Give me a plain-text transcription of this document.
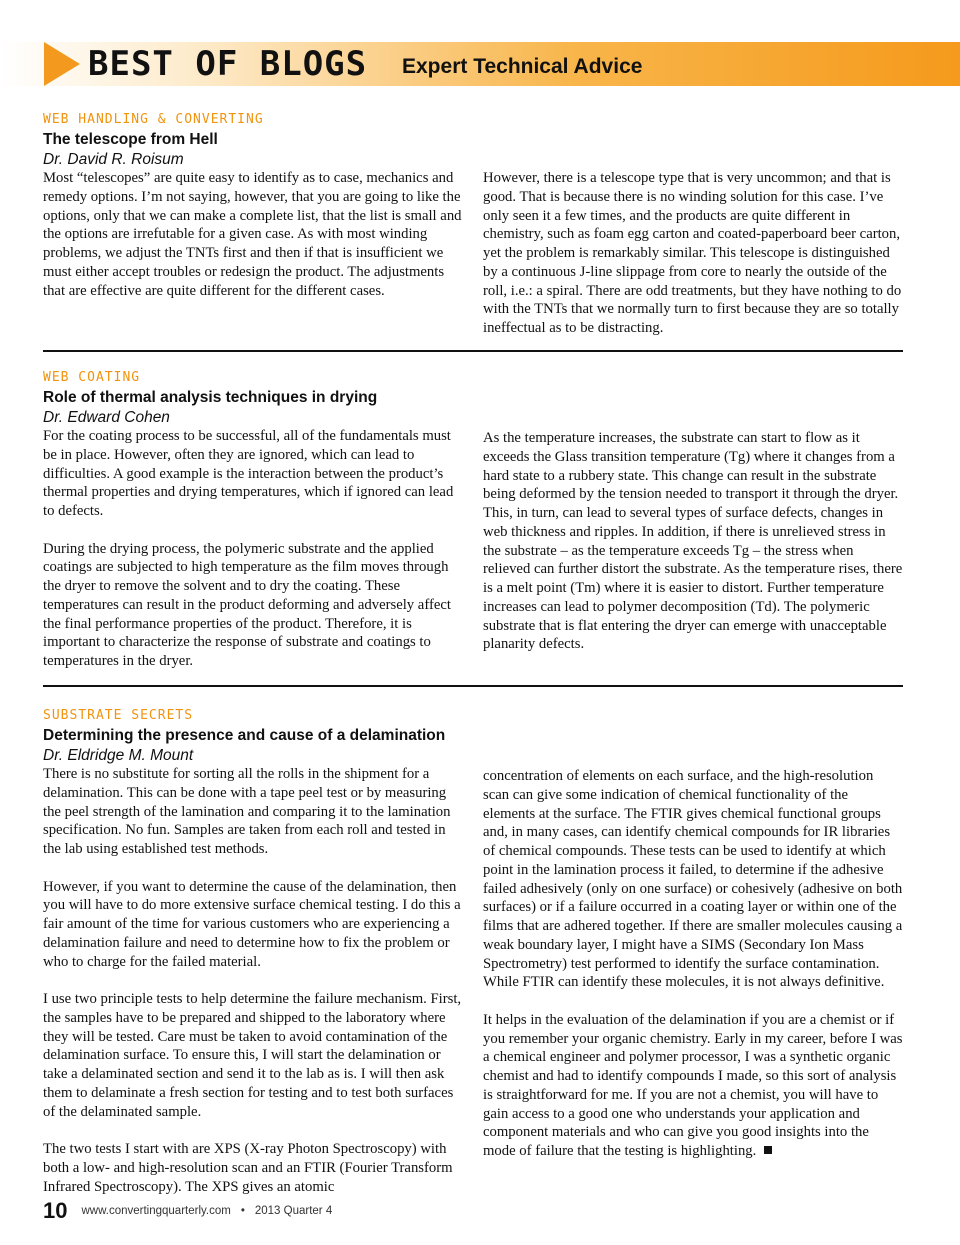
BEST OF BLOGS Expert Technical Advice
WEB HANDLING & CONVERTING
The telescope from Hell
Dr. David R. Roisum

Most “telescopes” are quite easy to identify as to case, mechanics and remedy options. I’m not saying, however, that you are going to like the options, only that we can make a complete list, that the list is small and the options are irrefutable for a given case. As with most winding problems, we adjust the TNTs first and then if that is insufficient we must either accept troubles or redesign the product. The adjustments that are effective are quite different for the different cases.

However, there is a telescope type that is very uncommon; and that is good. That is because there is no winding solution for this case. I’ve only seen it a few times, and the products are quite different in chemistry, such as foam egg carton and coated-paperboard beer carton, yet the problem is remarkably similar. This telescope is distinguished by a continuous J-line slippage from core to nearly the outside of the roll, i.e.: a spiral. There are odd treatments, but they have nothing to do with the TNTs that we normally turn to first because they are so totally ineffectual as to be distracting.

WEB COATING
Role of thermal analysis techniques in drying
Dr. Edward Cohen

For the coating process to be successful, all of the fundamentals must be in place. However, often they are ignored, which can lead to difficulties. A good example is the interaction between the product’s thermal properties and drying temperatures, which if ignored can lead to defects.

During the drying process, the polymeric substrate and the applied coatings are subjected to high temperature as the film moves through the dryer to remove the solvent and to dry the coating. These temperatures can result in the product deforming and adversely affect the final performance properties of the product. Therefore, it is important to characterize the response of substrate and coatings to temperatures in the dryer.

As the temperature increases, the substrate can start to flow as it exceeds the Glass transition temperature (Tg) where it changes from a hard state to a rubbery state. This change can result in the substrate being deformed by the tension needed to transport it through the dryer. This, in turn, can lead to several types of surface defects, changes in web thickness and ripples. In addition, if there is unrelieved stress in the substrate – as the temperature exceeds Tg – the stress when relieved can further distort the substrate. As the temperature rises, there is a melt point (Tm) where it is easier to distort. Further temperature increases can lead to polymer decomposition (Td). The polymeric substrate that is flat entering the dryer can emerge with unacceptable planarity defects.

SUBSTRATE SECRETS
Determining the presence and cause of a delamination
Dr. Eldridge M. Mount

There is no substitute for sorting all the rolls in the shipment for a delamination. This can be done with a tape peel test or by measuring the peel strength of the lamination and comparing it to the lamination specification. No fun. Samples are taken from each roll and tested in the lab using established test methods.

However, if you want to determine the cause of the delamination, then you will have to do more extensive surface chemical testing. I do this a fair amount of the time for various customers who are experiencing a delamination failure and need to determine how to fix the problem or who to charge for the failed material.

I use two principle tests to help determine the failure mechanism. First, the samples have to be prepared and shipped to the laboratory where they will be tested. Care must be taken to avoid contamination of the delamination surface. To ensure this, I will start the delamination or take a delaminated section and send it to the lab as is. I will then ask them to delaminate a fresh section for testing and to test both surfaces of the delaminated sample.

The two tests I start with are XPS (X-ray Photon Spectroscopy) with both a low- and high-resolution scan and an FTIR (Fourier Transform Infrared Spectroscopy). The XPS gives an atomic

concentration of elements on each surface, and the high-resolution scan can give some indication of chemical functionality of the elements at the surface. The FTIR gives chemical functional groups and, in many cases, can identify chemical compounds for IR libraries of chemical compounds. These tests can be used to identify at which point in the lamination process it failed, to determine if the adhesive failed adhesively (only on one surface) or cohesively (adhesive on both surfaces) or if a failure occurred in a coating layer or within one of the films that are adhered together. If there are smaller molecules causing a weak boundary layer, I might have a SIMS (Secondary Ion Mass Spectrometry) test performed to identify the surface contamination. While FTIR can identify these molecules, it is not always definitive.

It helps in the evaluation of the delamination if you are a chemist or if you remember your organic chemistry. Early in my career, before I was a chemical engineer and polymer processor, I was a synthetic organic chemist and had to identify compounds I made, so this sort of analysis is straightforward for me. If you are not a chemist, you will have to gain access to a good one who understands your application and component materials and who can give you good insights into the mode of failure that the testing is highlighting.

10 www.convertingquarterly.com • 2013 Quarter 4
